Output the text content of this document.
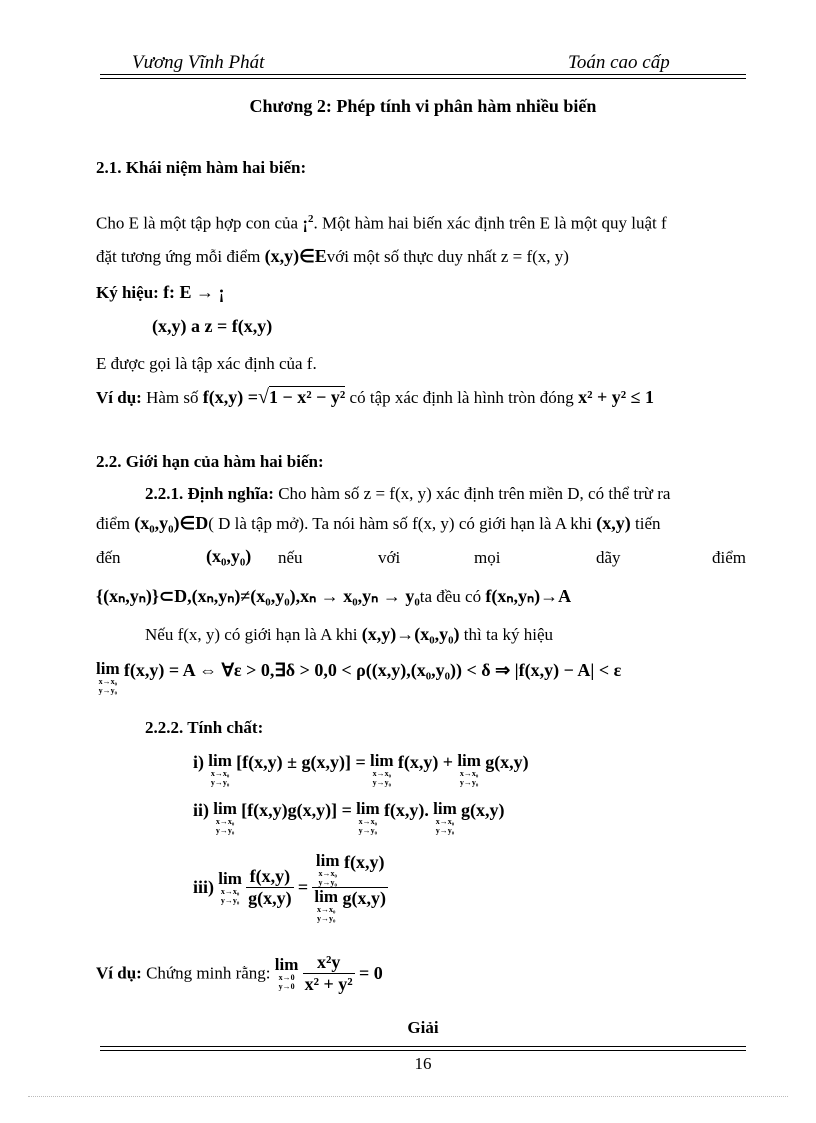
Vương Vĩnh Phát	Toán cao cấp
Chương 2: Phép tính vi phân hàm nhiều biến
2.1. Khái niệm hàm hai biến:
Cho E là một tập hợp con của ¡$^2$. Một hàm hai biến xác định trên E là một quy luật f
đặt tương ứng mỗi điểm (x,y)∈Evới một số thực duy nhất z = f(x, y)
Ký hiệu: f: E → ¡
(x,y) a z = f(x,y)
E được gọi là tập xác định của f.
Ví dụ: Hàm số f(x,y) =√1 − x² − y² có tập xác định là hình tròn đóng x² + y² ≤ 1
2.2. Giới hạn của hàm hai biến:
2.2.1. Định nghĩa: Cho hàm số z = f(x, y) xác định trên miền D, có thể trừ ra
điểm (x₀,y₀)∈D( D là tập mở). Ta nói hàm số f(x, y) có giới hạn là A khi (x,y) tiến
đến	(x₀,y₀) nếu	với	mọi	dãy	điểm
{(xₙ,yₙ)}⊂D,(xₙ,yₙ)≠(x₀,y₀),xₙ → x₀,yₙ → y₀ta đều có f(xₙ,yₙ)→A
Nếu f(x, y) có giới hạn là A khi (x,y)→(x₀,y₀) thì ta ký hiệu
lim
x→x₀
y→y₀
f(x,y) = A ⇔ ∀ε > 0,∃δ > 0,0 < ρ((x,y),(x₀,y₀)) < δ ⇒ |f(x,y) − A| < ε
2.2.2. Tính chất:
i) lim
x→x₀
y→y₀
[f(x,y) ± g(x,y)] = lim
x→x₀
y→y₀
f(x,y) + lim
x→x₀
y→y₀
g(x,y)
ii) lim
x→x₀
y→y₀
[f(x,y)g(x,y)] = lim
x→x₀
y→y₀
f(x,y). lim
x→x₀
y→y₀
g(x,y)
iii) lim
x→x₀
y→y₀
$\frac{f(x,y)}{g(x,y)} = \lim$
x→x₀
y→y₀
f(x,y)
lim
x→x₀
y→y₀
g(x,y)
Ví dụ: Chứng minh rằng: lim
x→0
y→0
$\frac{\text{x²y}}{\text{x² + y²}} = 0$
Giải
16
